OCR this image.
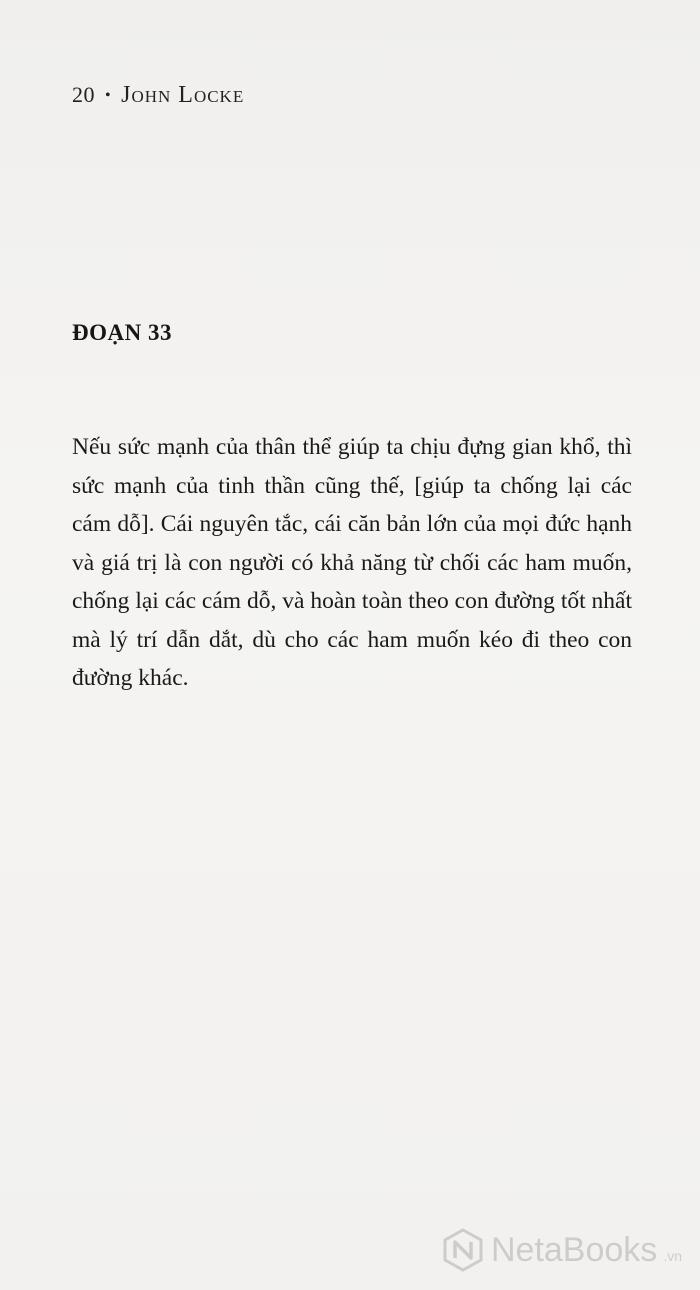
20 • John Locke
ĐOẠN 33

Nếu sức mạnh của thân thể giúp ta chịu đựng gian khổ, thì sức mạnh của tinh thần cũng thế, [giúp ta chống lại các cám dỗ]. Cái nguyên tắc, cái căn bản lớn của mọi đức hạnh và giá trị là con người có khả năng từ chối các ham muốn, chống lại các cám dỗ, và hoàn toàn theo con đường tốt nhất mà lý trí dẫn dắt, dù cho các ham muốn kéo đi theo con đường khác.

NetaBooks .vn
